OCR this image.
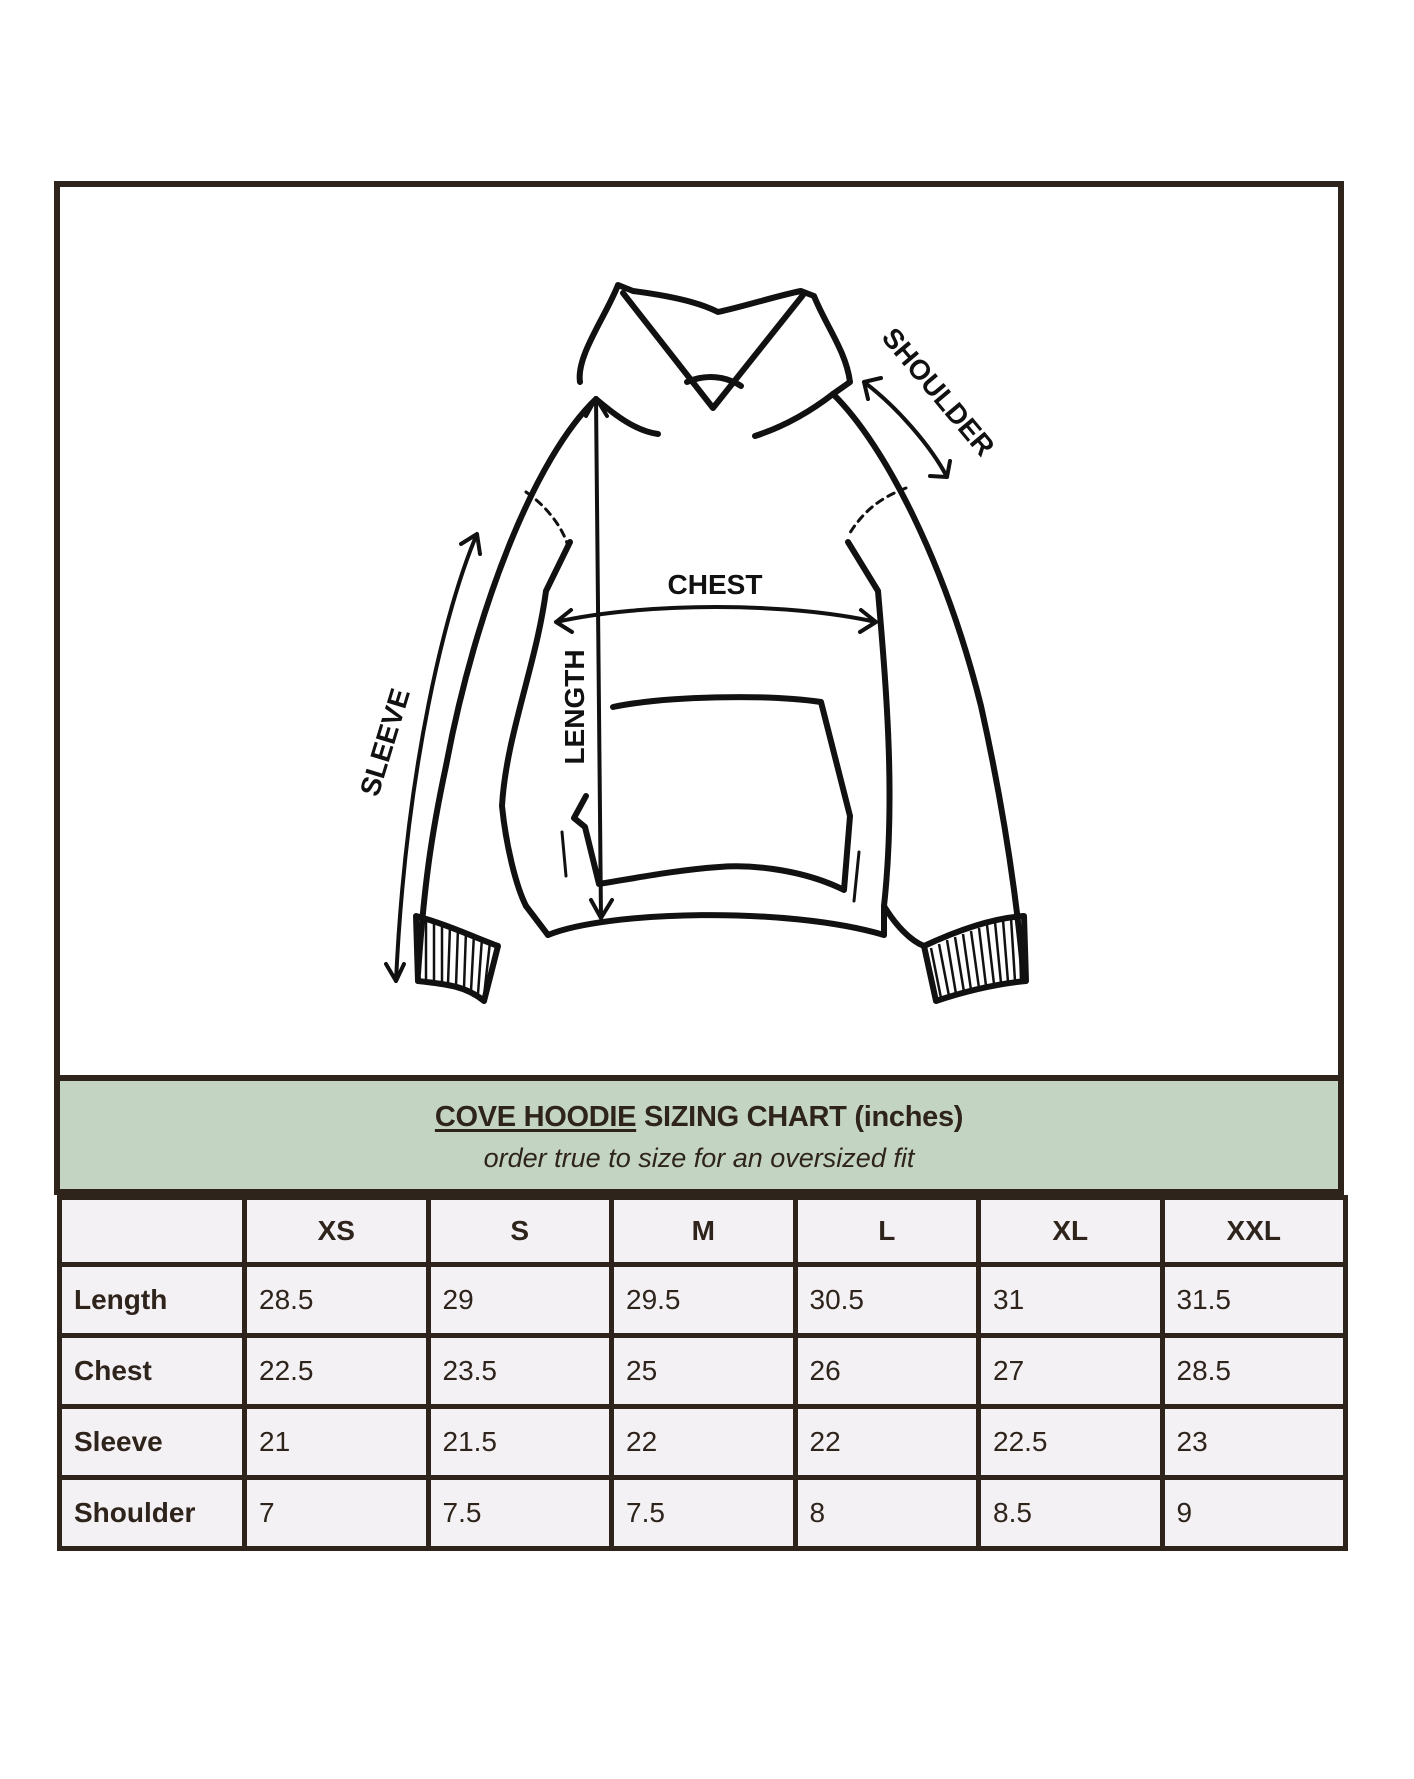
CHEST
LENGTH
SLEEVE
SHOULDER
COVE HOODIE SIZING CHART (inches)
order true to size for an oversized fit
	XS	S	M	L	XL	XXL
Length	28.5	29	29.5	30.5	31	31.5
Chest	22.5	23.5	25	26	27	28.5
Sleeve	21	21.5	22	22	22.5	23
Shoulder	7	7.5	7.5	8	8.5	9
